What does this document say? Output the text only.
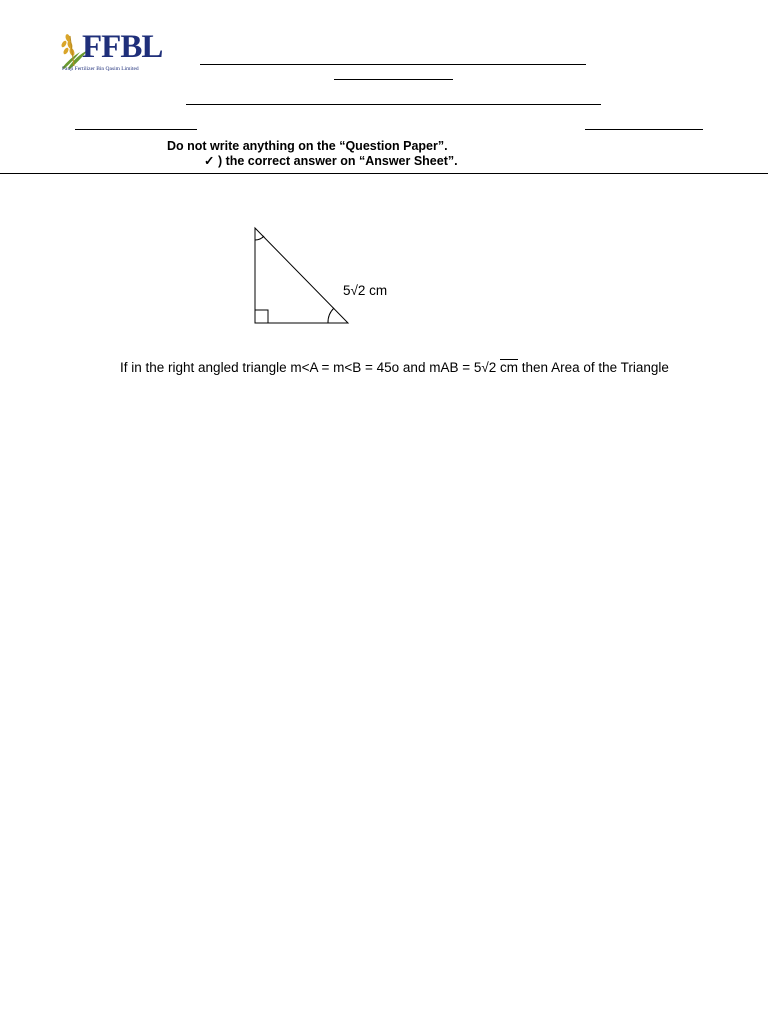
FFBL
Fauji Fertilizer Bin Qasim Limited
Do not write anything on the “Question Paper”.
✓ ) the correct answer on “Answer Sheet”.
5√2 cm
If in the right angled triangle m<A = m<B = 45o and mAB = 5√2 cm then Area of the Triangle
